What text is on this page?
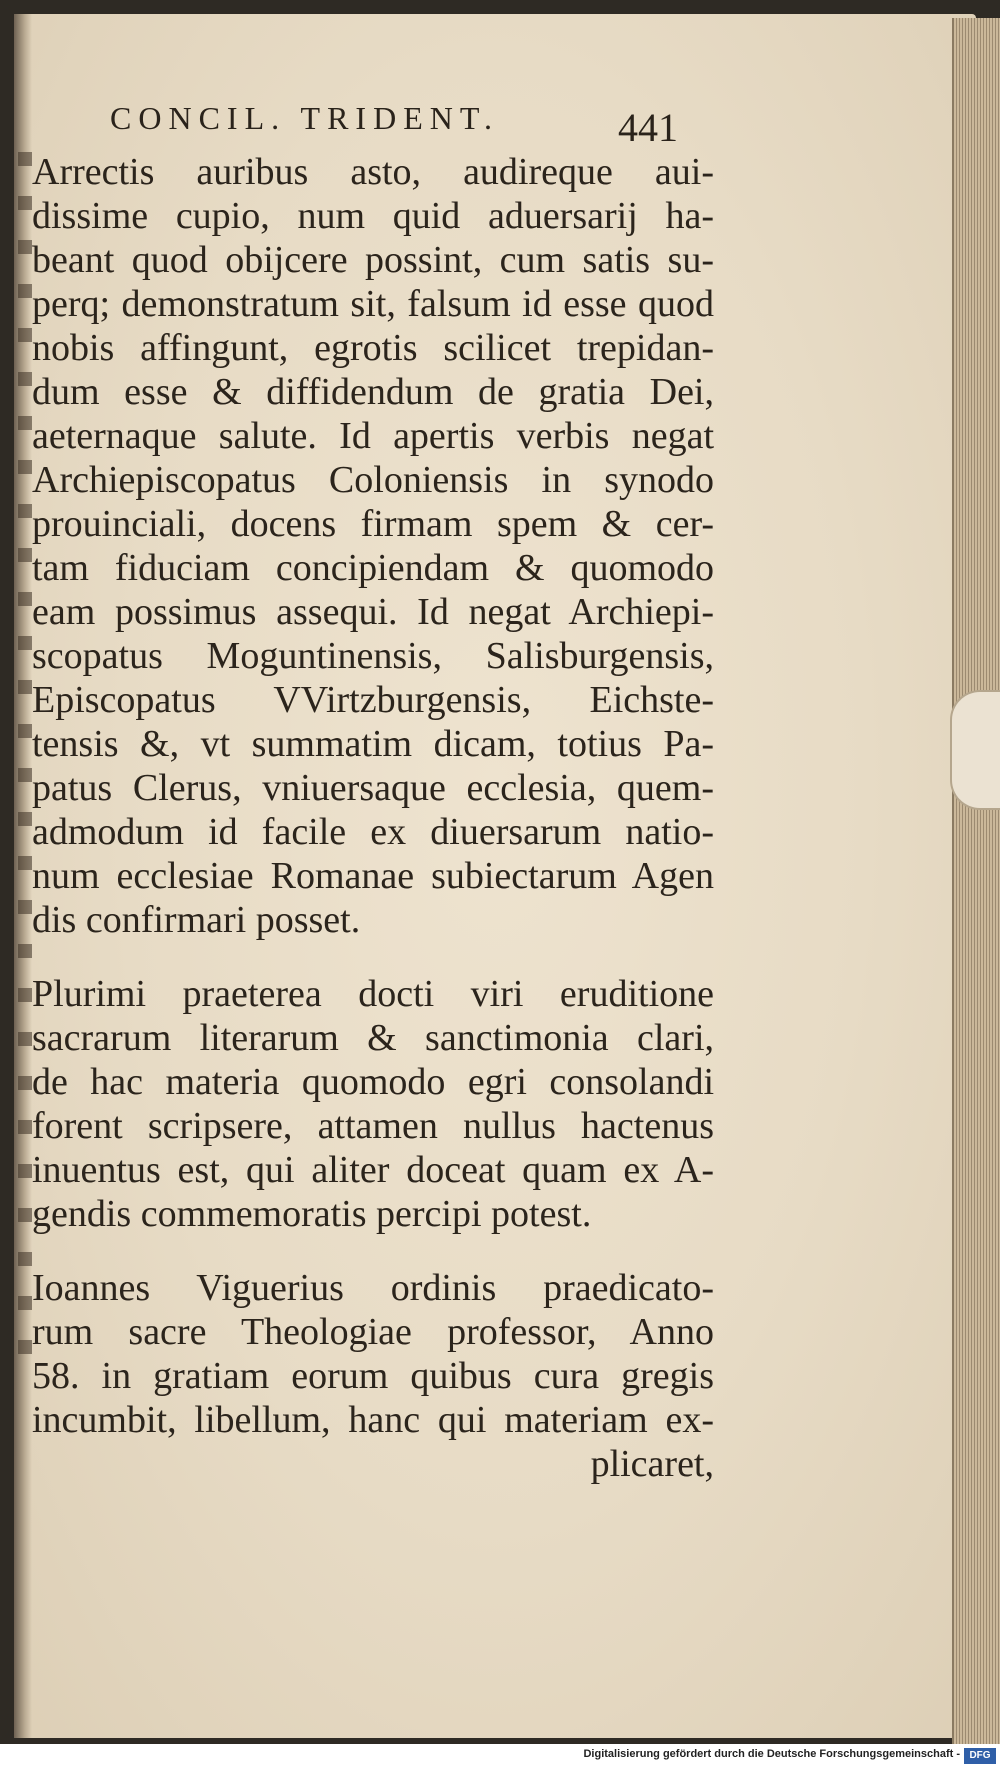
CONCIL. TRIDENT.	441
Arrectis auribus asto, audireque aui-
dissime cupio, num quid aduersarij ha-
beant quod obijcere possint, cum satis su-
perq; demonstratum sit, falsum id esse quod
nobis affingunt, egrotis scilicet trepidan-
dum esse & diffidendum de gratia Dei,
aeternaque salute. Id apertis verbis negat
Archiepiscopatus Coloniensis in synodo
prouinciali, docens firmam spem & cer-
tam fiduciam concipiendam & quomodo
eam possimus assequi. Id negat Archiepi-
scopatus Moguntinensis, Salisburgensis,
Episcopatus VVirtzburgensis, Eichste-
tensis &, vt summatim dicam, totius Pa-
patus Clerus, vniuersaque ecclesia, quem-
admodum id facile ex diuersarum natio-
num ecclesiae Romanae subiectarum Agen
dis confirmari posset.
Plurimi praeterea docti viri eruditione
sacrarum literarum & sanctimonia clari,
de hac materia quomodo egri consolandi
forent scripsere, attamen nullus hactenus
inuentus est, qui aliter doceat quam ex A-
gendis commemoratis percipi potest.
Ioannes Viguerius ordinis praedicato-
rum sacre Theologiae professor, Anno
58. in gratiam eorum quibus cura gregis
incumbit, libellum, hanc qui materiam ex-
plicaret,
Digitalisierung gefördert durch die Deutsche Forschungsgemeinschaft - DFG
